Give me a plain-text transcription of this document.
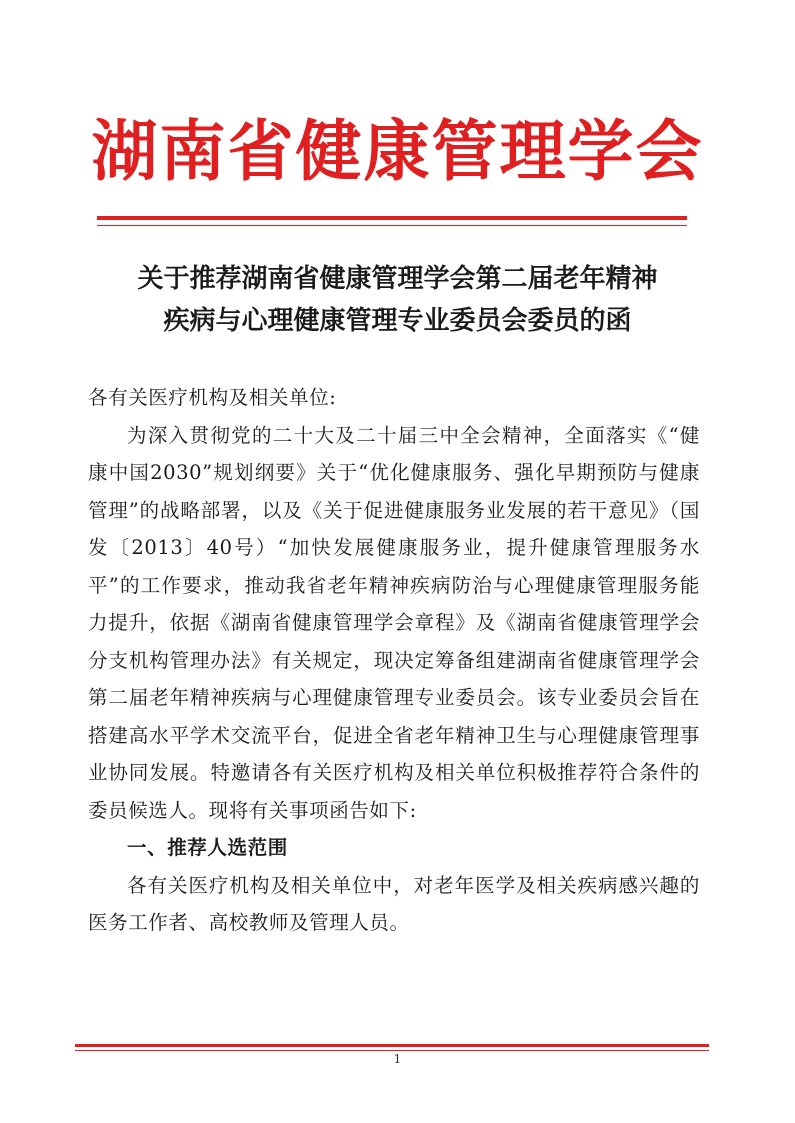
湖南省健康管理学会
关于推荐湖南省健康管理学会第二届老年精神
疾病与心理健康管理专业委员会委员的函

各有关医疗机构及相关单位:

为深入贯彻党的二十大及二十届三中全会精神，全面落实《“健康中国2030”规划纲要》关于“优化健康服务、强化早期预防与健康管理”的战略部署，以及《关于促进健康服务业发展的若干意见》（国发〔2013〕40号）“加快发展健康服务业，提升健康管理服务水平”的工作要求，推动我省老年精神疾病防治与心理健康管理服务能力提升，依据《湖南省健康管理学会章程》及《湖南省健康管理学会分支机构管理办法》有关规定，现决定筹备组建湖南省健康管理学会第二届老年精神疾病与心理健康管理专业委员会。该专业委员会旨在搭建高水平学术交流平台，促进全省老年精神卫生与心理健康管理事业协同发展。特邀请各有关医疗机构及相关单位积极推荐符合条件的委员候选人。现将有关事项函告如下:

一、推荐人选范围

各有关医疗机构及相关单位中，对老年医学及相关疾病感兴趣的医务工作者、高校教师及管理人员。

1
